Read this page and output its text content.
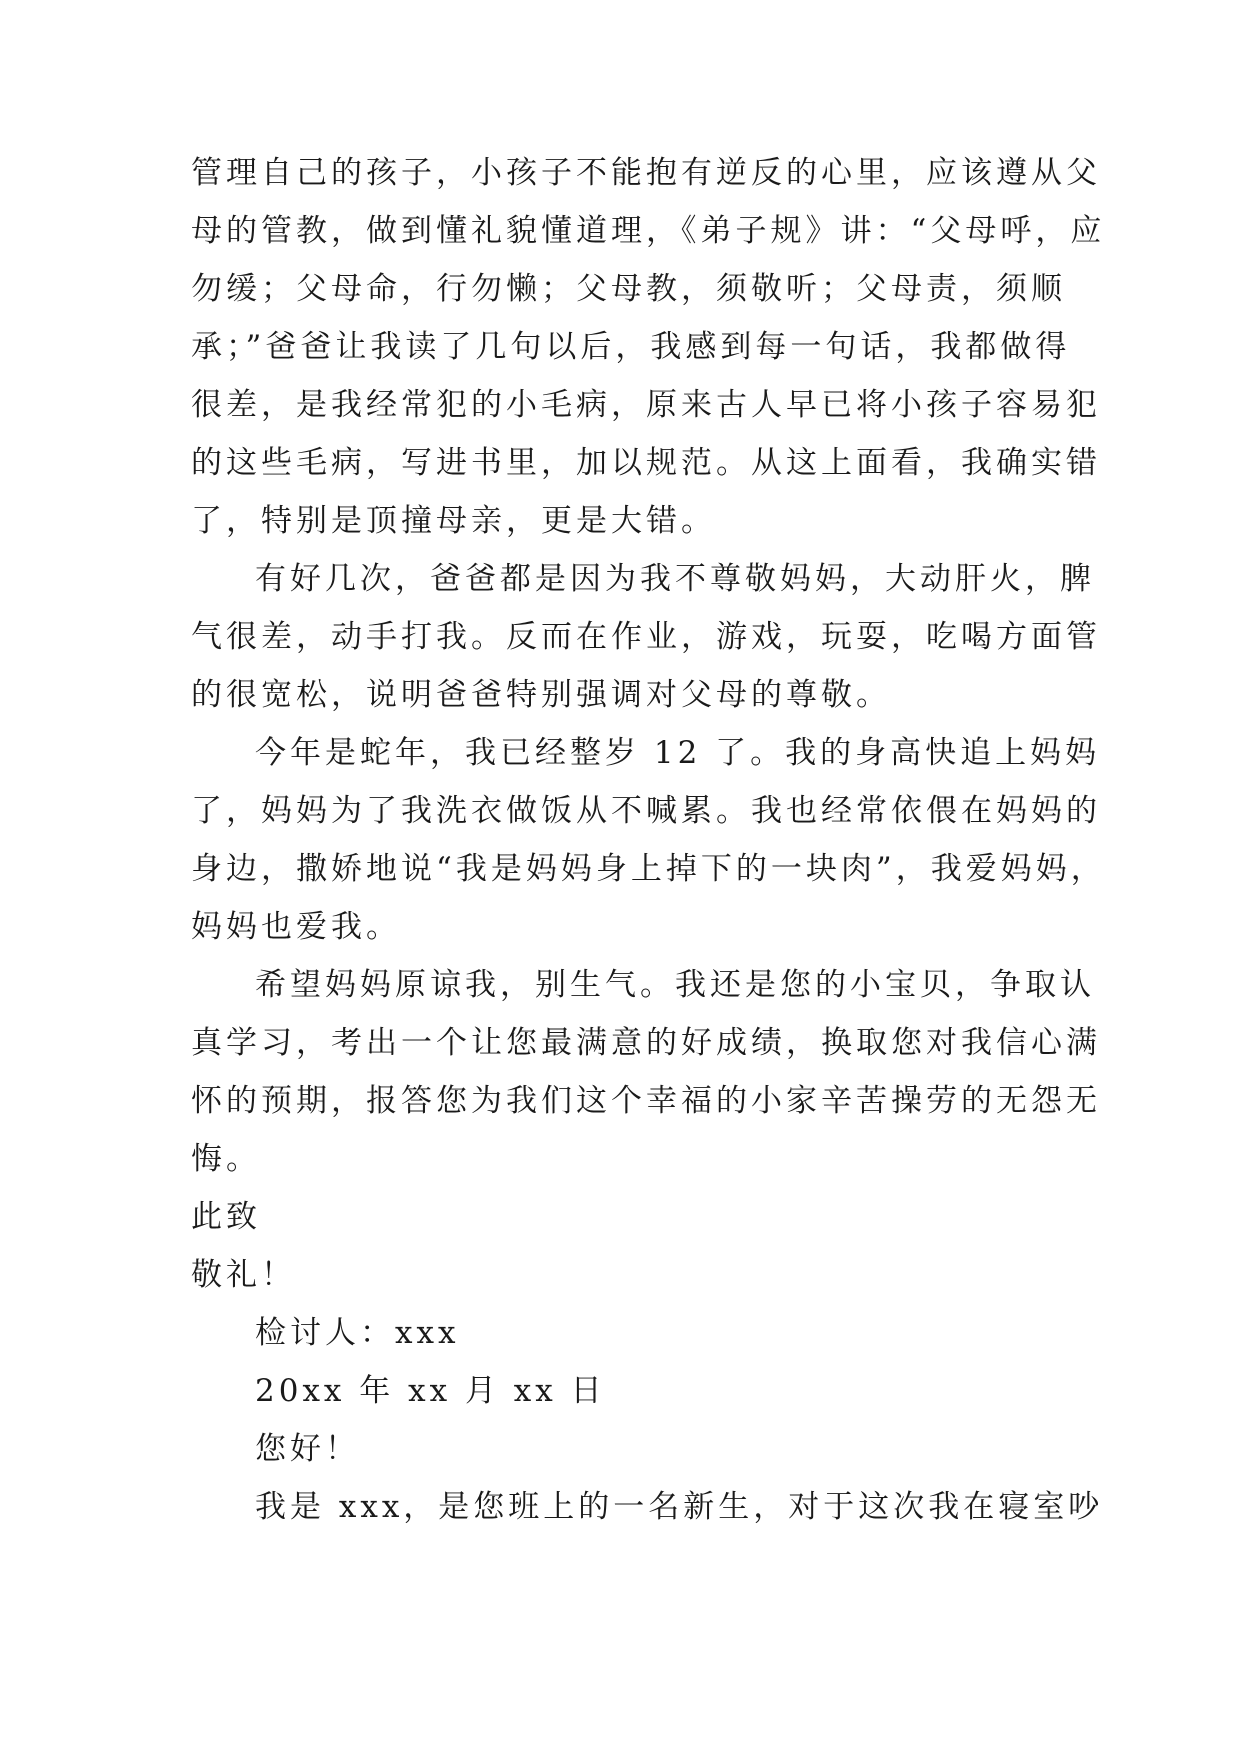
管理自己的孩子，小孩子不能抱有逆反的心里，应该遵从父
母的管教，做到懂礼貌懂道理，《弟子规》讲：“父母呼，应
勿缓；父母命，行勿懒；父母教，须敬听；父母责，须顺
承；”爸爸让我读了几句以后，我感到每一句话，我都做得
很差，是我经常犯的小毛病，原来古人早已将小孩子容易犯
的这些毛病，写进书里，加以规范。从这上面看，我确实错
了，特别是顶撞母亲，更是大错。
有好几次，爸爸都是因为我不尊敬妈妈，大动肝火，脾
气很差，动手打我。反而在作业，游戏，玩耍，吃喝方面管
的很宽松，说明爸爸特别强调对父母的尊敬。
今年是蛇年，我已经整岁 12 了。我的身高快追上妈妈
了，妈妈为了我洗衣做饭从不喊累。我也经常依偎在妈妈的
身边，撒娇地说“我是妈妈身上掉下的一块肉”，我爱妈妈，
妈妈也爱我。
希望妈妈原谅我，别生气。我还是您的小宝贝，争取认
真学习，考出一个让您最满意的好成绩，换取您对我信心满
怀的预期，报答您为我们这个幸福的小家辛苦操劳的无怨无
悔。
此致
敬礼！
检讨人：xxx
20xx 年 xx 月 xx 日
您好！
我是 xxx，是您班上的一名新生，对于这次我在寝室吵
